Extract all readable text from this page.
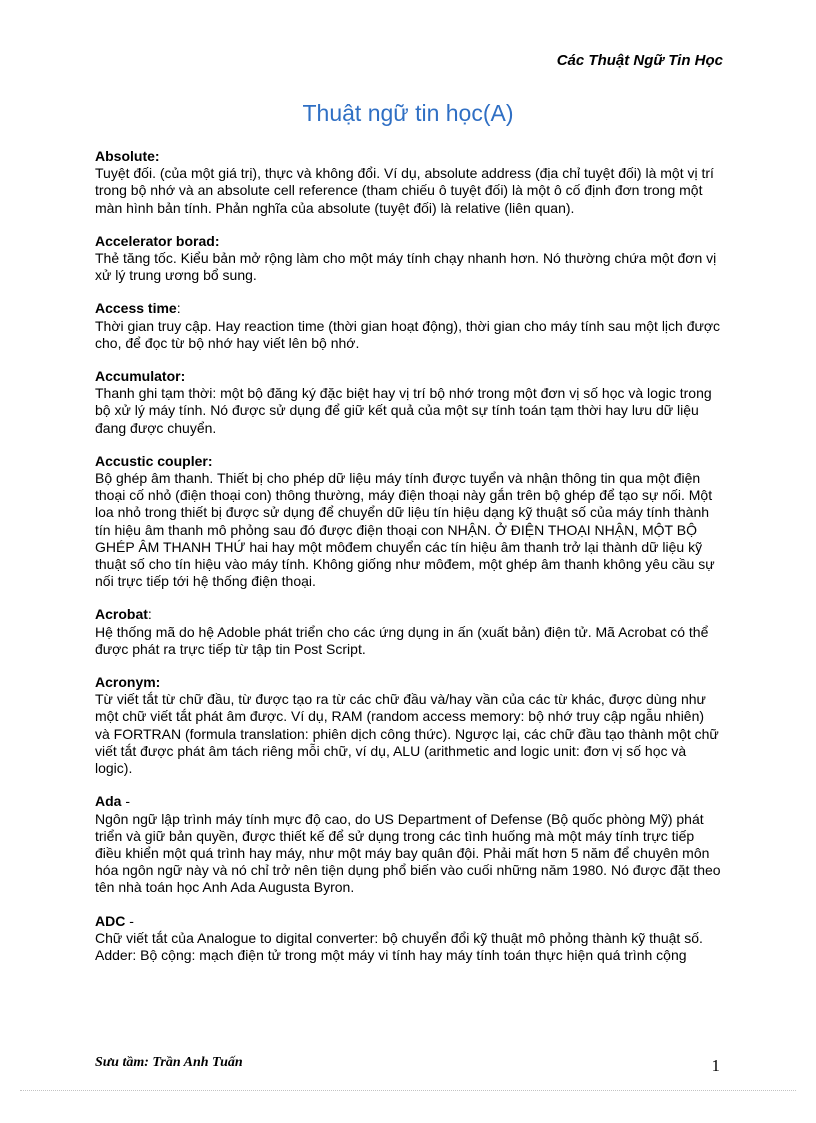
Các Thuật Ngữ Tin Học
Thuật ngữ tin học(A)
Absolute:

Tuyệt đối. (của một giá trị), thực và không đổi. Ví dụ, absolute address (địa chỉ tuyệt đối) là một vị trí trong bộ nhớ và an absolute cell reference (tham chiếu ô tuyệt đối) là một ô cố định đơn trong một màn hình bản tính. Phản nghĩa của absolute (tuyệt đối) là relative (liên quan).

Accelerator borad:

Thẻ tăng tốc. Kiểu bản mở rộng làm cho một máy tính chạy nhanh hơn. Nó thường chứa một đơn vị xử lý trung ương bổ sung.

Access time:

Thời gian truy cập. Hay reaction time (thời gian hoạt động), thời gian cho máy tính sau một lịch được cho, để đọc từ bộ nhớ hay viết lên bộ nhớ.

Accumulator:

Thanh ghi tạm thời: một bộ đăng ký đặc biệt hay vị trí bộ nhớ trong một đơn vị số học và logic trong bộ xử lý máy tính. Nó được sử dụng để giữ kết quả của một sự tính toán tạm thời hay lưu dữ liệu đang được chuyển.

Accustic coupler:

Bộ ghép âm thanh. Thiết bị cho phép dữ liệu máy tính được tuyển và nhận thông tin qua một điện thoại cố nhỏ (điện thoại con) thông thường, máy điện thoại này gắn trên bộ ghép để tạo sự nối. Một loa nhỏ trong thiết bị được sử dụng để chuyển dữ liệu tín hiệu dạng kỹ thuật số của máy tính thành tín hiệu âm thanh mô phỏng sau đó được điện thoại con NHẬN. Ở ĐIỆN THOẠI NHẬN, MỘT BỘ GHÉP ÂM THANH THỨ hai hay một môđem chuyển các tín hiệu âm thanh trở lại thành dữ liệu kỹ thuật số cho tín hiệu vào máy tính. Không giống như môđem, một ghép âm thanh không yêu cầu sự nối trực tiếp tới hệ thống điện thoại.

Acrobat:

Hệ thống mã do hệ Adoble phát triển cho các ứng dụng in ấn (xuất bản) điện tử. Mã Acrobat có thể được phát ra trực tiếp từ tập tin Post Script.

Acronym:

Từ viết tắt từ chữ đầu, từ được tạo ra từ các chữ đầu và/hay vần của các từ khác, được dùng như một chữ viết tắt phát âm được. Ví dụ, RAM (random access memory: bộ nhớ truy cập ngẫu nhiên) và FORTRAN (formula translation: phiên dịch công thức). Ngược lại, các chữ đầu tạo thành một chữ viết tắt được phát âm tách riêng mỗi chữ, ví dụ, ALU (arithmetic and logic unit: đơn vị số học và logic).

Ada -

Ngôn ngữ lập trình máy tính mực độ cao, do US Department of Defense (Bộ quốc phòng Mỹ) phát triển và giữ bản quyền, được thiết kế để sử dụng trong các tình huống mà một máy tính trực tiếp điều khiển một quá trình hay máy, như một máy bay quân đội. Phải mất hơn 5 năm để chuyên môn hóa ngôn ngữ này và nó chỉ trở nên tiện dụng phổ biến vào cuối những năm 1980. Nó được đặt theo tên nhà toán học Anh Ada Augusta Byron.

ADC -

Chữ viết tắt của Analogue to digital converter: bộ chuyển đổi kỹ thuật mô phỏng thành kỹ thuật số.

Adder: Bộ cộng: mạch điện tử trong một máy vi tính hay máy tính toán thực hiện quá trình cộng

Sưu tầm: Trần Anh Tuấn	1
